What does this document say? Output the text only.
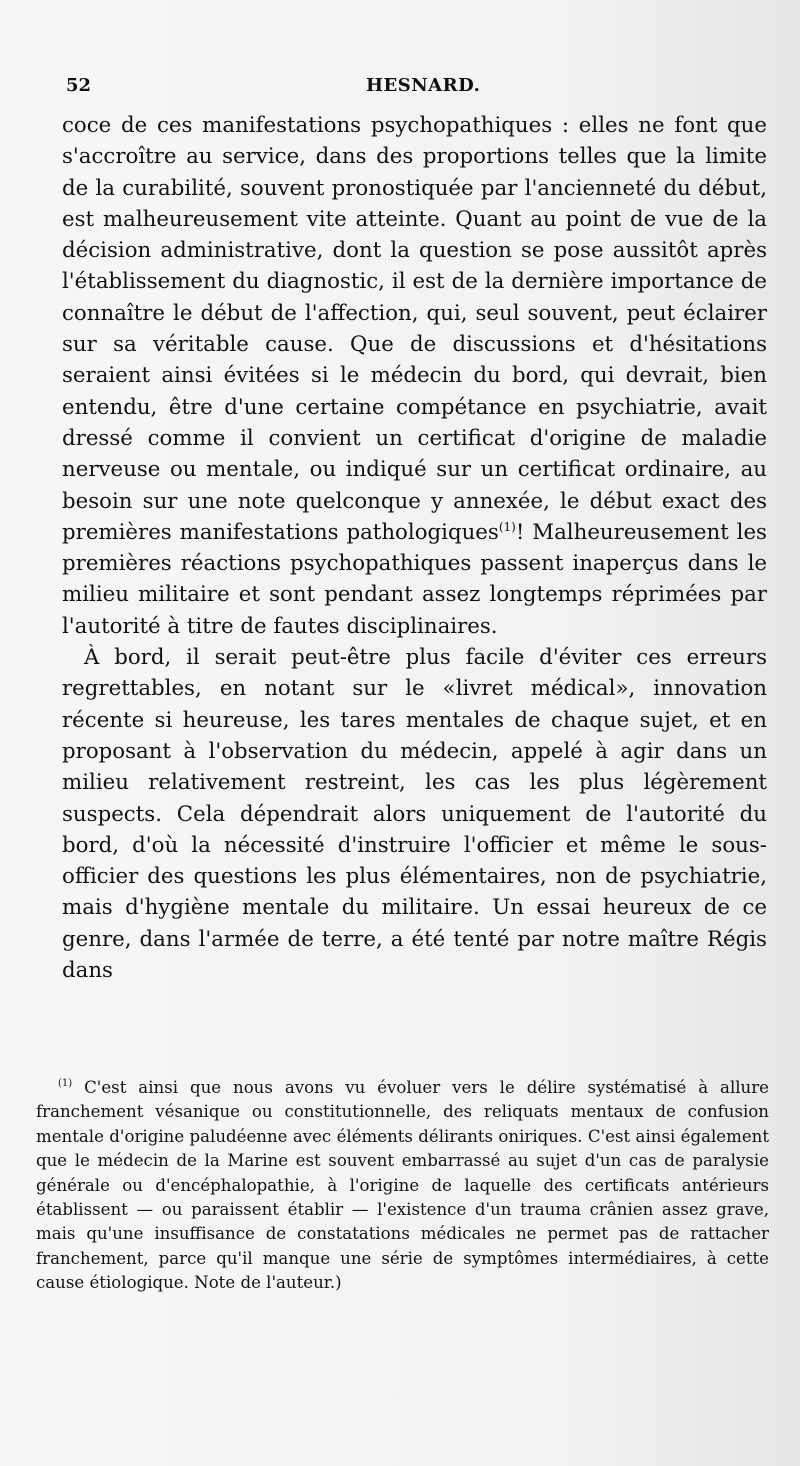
52	HESNARD.

coce de ces manifestations psychopathiques : elles ne font que s'accroître au service, dans des proportions telles que la limite de la curabilité, souvent pronostiquée par l'ancienneté du début, est malheureusement vite atteinte. Quant au point de vue de la décision administrative, dont la question se pose aussitôt après l'établissement du diagnostic, il est de la dernière importance de connaître le début de l'affection, qui, seul souvent, peut éclairer sur sa véritable cause. Que de discussions et d'hésitations seraient ainsi évitées si le médecin du bord, qui devrait, bien entendu, être d'une certaine compétance en psychiatrie, avait dressé comme il convient un certificat d'origine de maladie nerveuse ou mentale, ou indiqué sur un certificat ordinaire, au besoin sur une note quelconque y annexée, le début exact des premières manifestations pathologiques$^{(1)}$! Malheureusement les premières réactions psychopathiques passent inaperçus dans le milieu militaire et sont pendant assez longtemps réprimées par l'autorité à titre de fautes disciplinaires.

À bord, il serait peut-être plus facile d'éviter ces erreurs regrettables, en notant sur le «livret médical», innovation récente si heureuse, les tares mentales de chaque sujet, et en proposant à l'observation du médecin, appelé à agir dans un milieu relativement restreint, les cas les plus légèrement suspects. Cela dépendrait alors uniquement de l'autorité du bord, d'où la nécessité d'instruire l'officier et même le sous-officier des questions les plus élémentaires, non de psychiatrie, mais d'hygiène mentale du militaire. Un essai heureux de ce genre, dans l'armée de terre, a été tenté par notre maître Régis dans

$^{(1)}$ C'est ainsi que nous avons vu évoluer vers le délire systématisé à allure franchement vésanique ou constitutionnelle, des reliquats mentaux de confusion mentale d'origine paludéenne avec éléments délirants oniriques. C'est ainsi également que le médecin de la Marine est souvent embarrassé au sujet d'un cas de paralysie générale ou d'encéphalopathie, à l'origine de laquelle des certificats antérieurs établissent — ou paraissent établir — l'existence d'un trauma crânien assez grave, mais qu'une insuffisance de constatations médicales ne permet pas de rattacher franchement, parce qu'il manque une série de symptômes intermédiaires, à cette cause étiologique. Note de l'auteur.)
